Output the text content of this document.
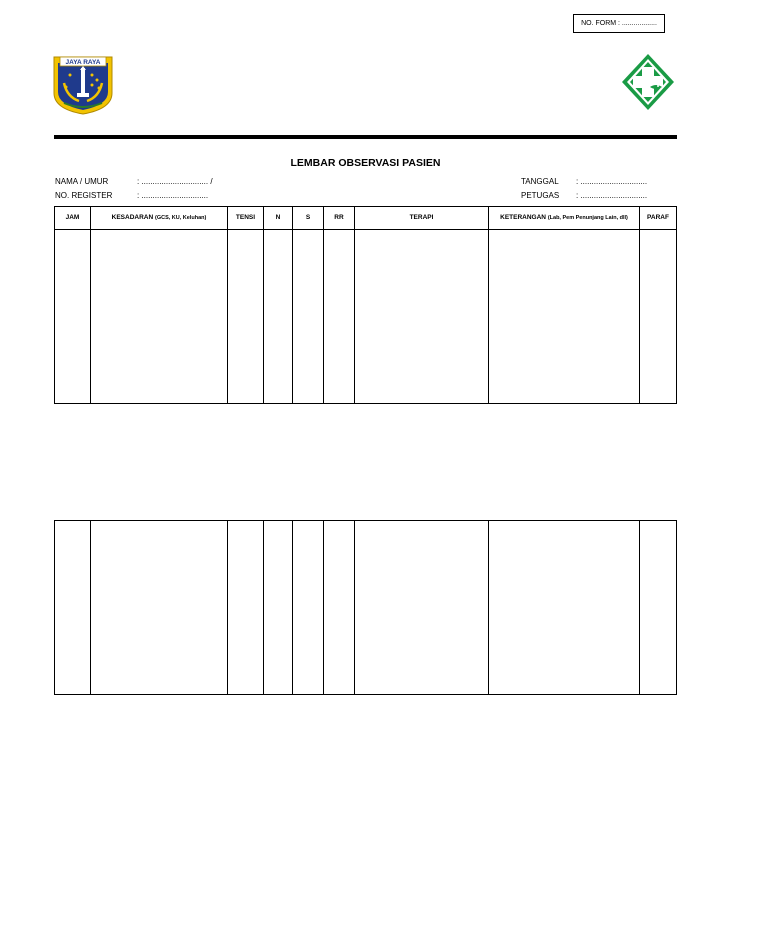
NO. FORM : ..................
JAYA RAYA
LEMBAR OBSERVASI PASIEN
NAMA / UMUR	: .............................. /
NO. REGISTER	: ..............................
TANGGAL : ..............................
PETUGAS : ..............................
JAM	KESADARAN (GCS, KU, Keluhan)	TENSI	N	S	RR	TERAPI	KETERANGAN (Lab, Pem Penunjang Lain, dll)	PARAF
